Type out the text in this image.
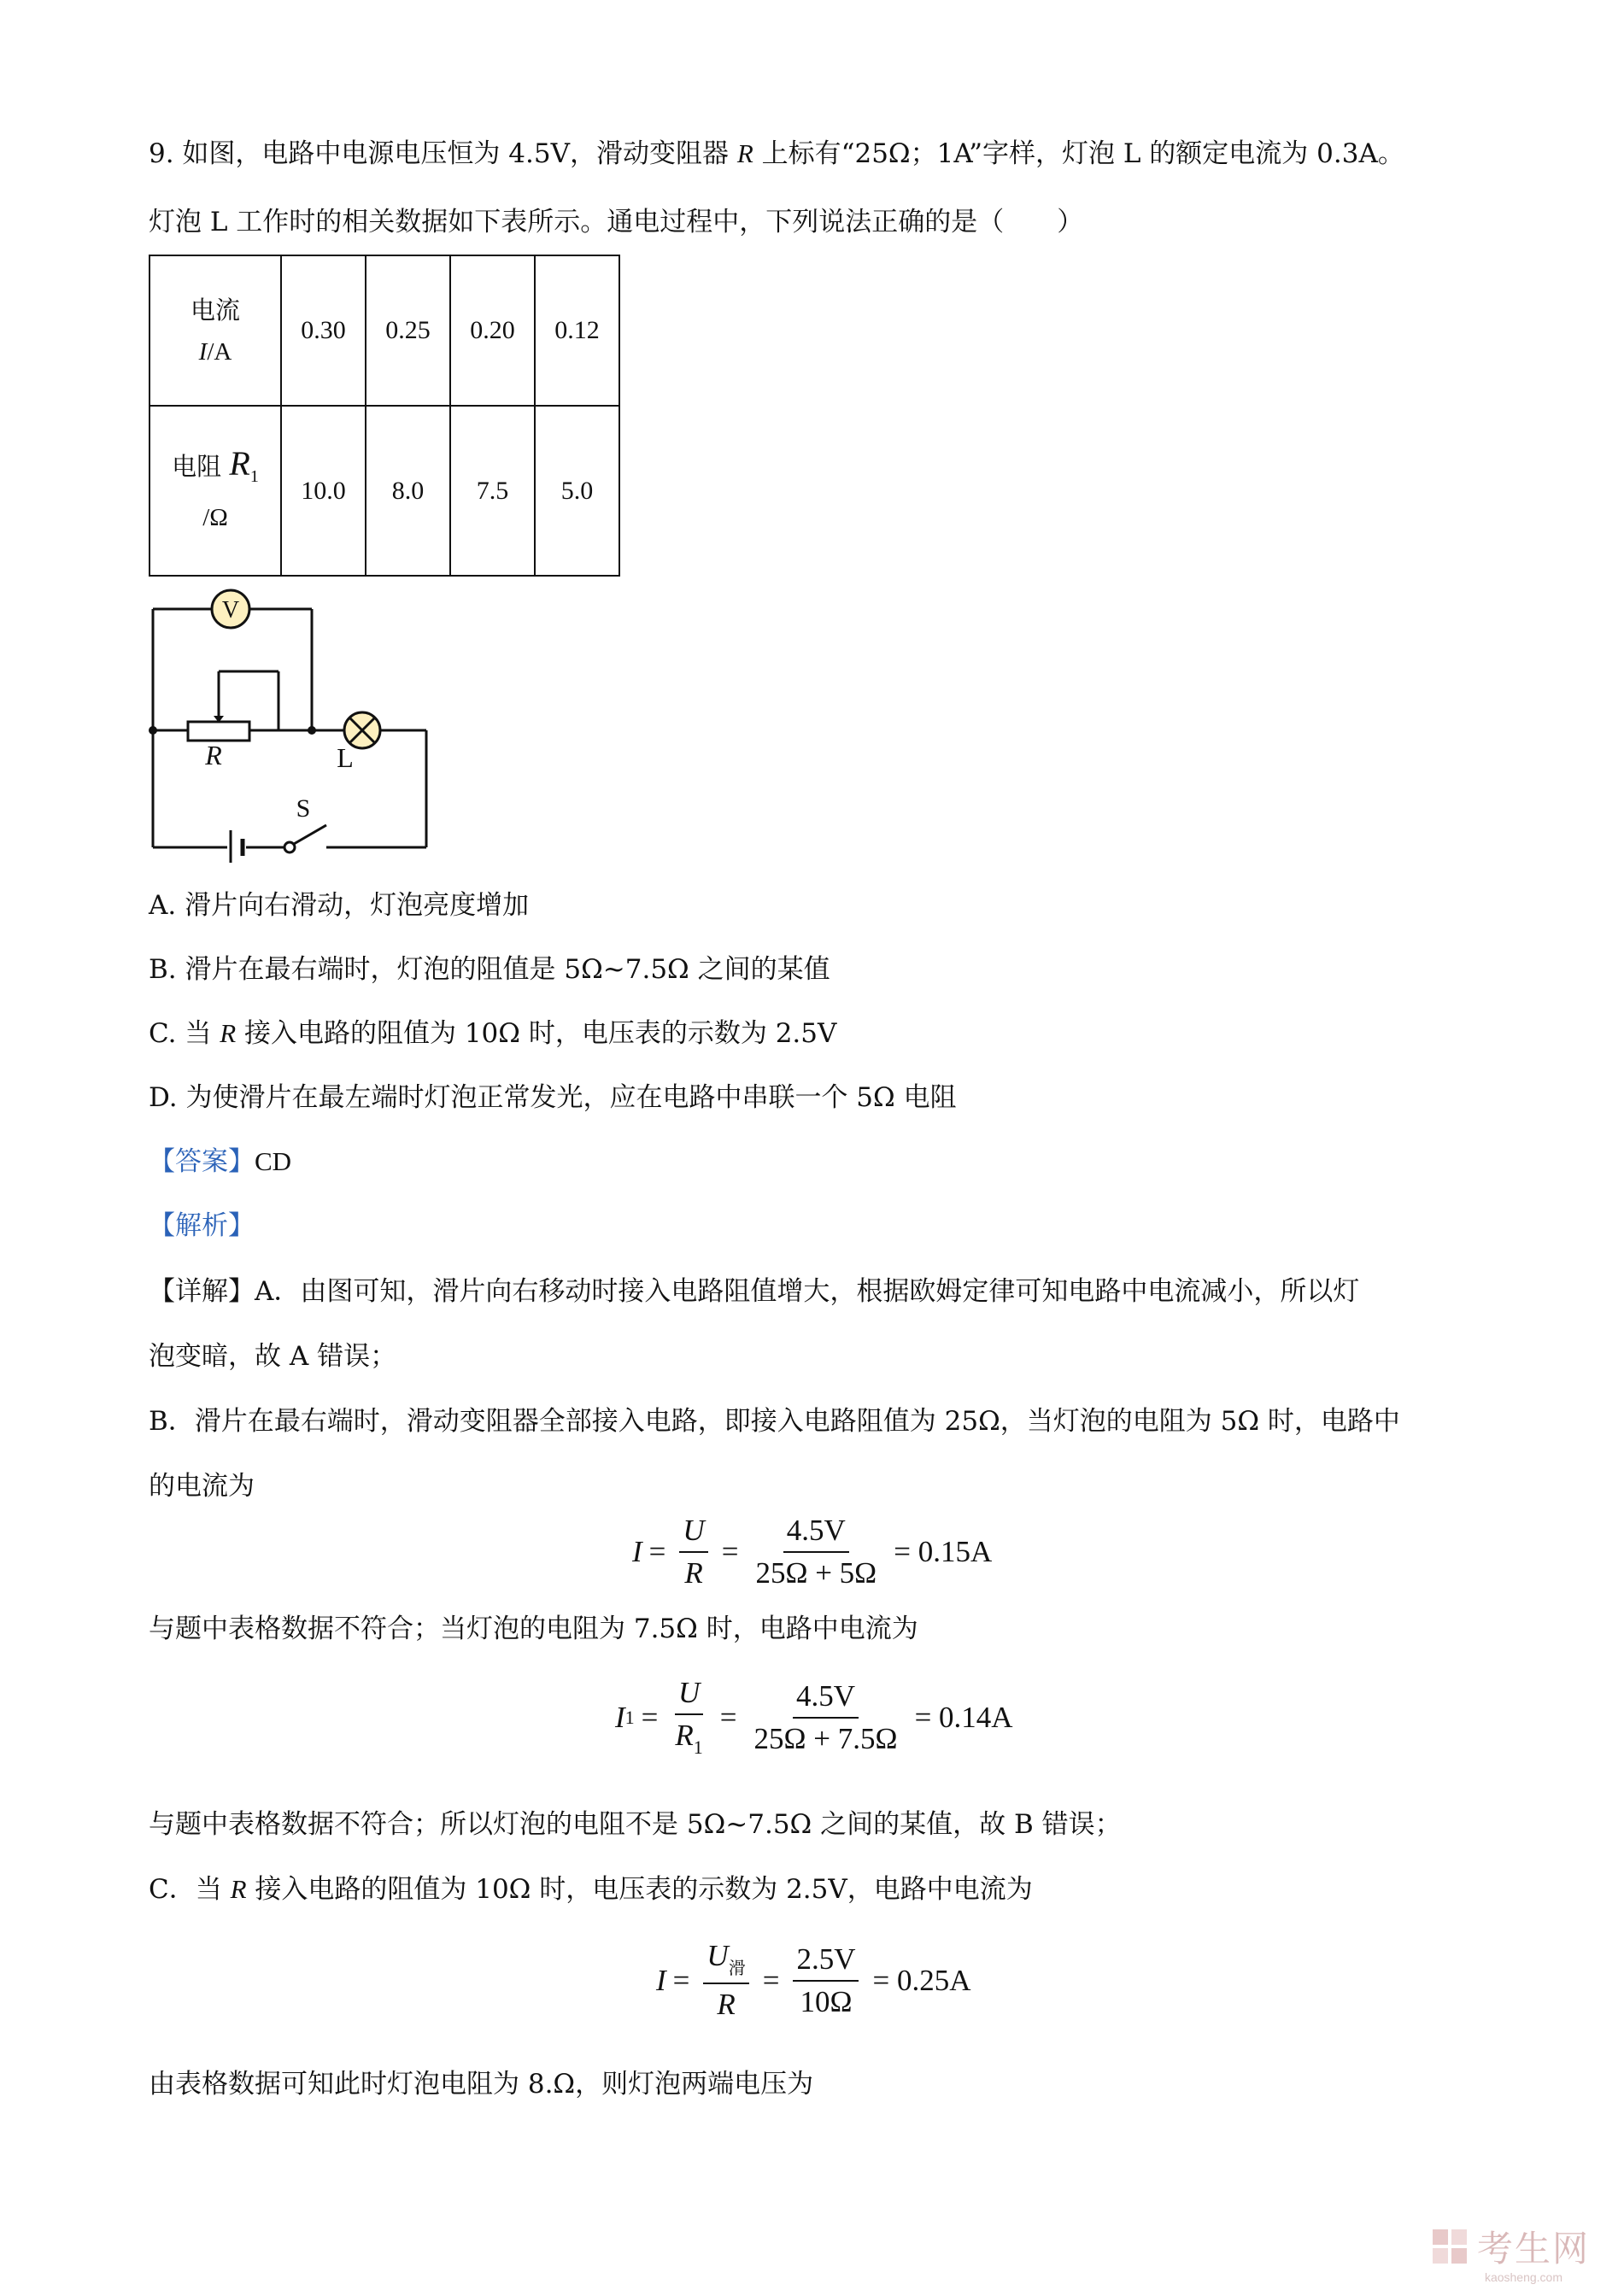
9. 如图，电路中电源电压恒为 4.5V，滑动变阻器 R 上标有“25Ω；1A”字样，灯泡 L 的额定电流为 0.3A。
灯泡 L 工作时的相关数据如下表所示。通电过程中，下列说法正确的是（　　）
电流
I/A	0.30	0.25	0.20	0.12

电阻 $R_1$
/Ω	10.0	8.0	7.5	5.0
V
R	L
S
A. 滑片向右滑动，灯泡亮度增加
B. 滑片在最右端时，灯泡的阻值是 5Ω~7.5Ω 之间的某值
C. 当 R 接入电路的阻值为 10Ω 时，电压表的示数为 2.5V
D. 为使滑片在最左端时灯泡正常发光，应在电路中串联一个 5Ω 电阻
【答案】CD
【解析】
【详解】A．由图可知，滑片向右移动时接入电路阻值增大，根据欧姆定律可知电路中电流减小，所以灯
泡变暗，故 A 错误；
B．滑片在最右端时，滑动变阻器全部接入电路，即接入电路阻值为 25Ω，当灯泡的电阻为 5Ω 时，电路中
的电流为
$I = \frac{U}{R} = \frac{4.5V}{25\Omega + 5\Omega} = 0.15A$
与题中表格数据不符合；当灯泡的电阻为 7.5Ω 时，电路中电流为
I $1 = \frac{U}{R_1} = \frac{4.5V}{25\Omega + 7.5\Omega} = 0.14A$
与题中表格数据不符合；所以灯泡的电阻不是 5Ω~7.5Ω 之间的某值，故 B 错误；
C．当 R 接入电路的阻值为 10Ω 时，电压表的示数为 2.5V，电路中电流为
$I = \frac{U_滑}{R} = \frac{2.5V}{10\Omega} = 0.25A$
由表格数据可知此时灯泡电阻为 8.Ω，则灯泡两端电压为
考生网
kaosheng.com
